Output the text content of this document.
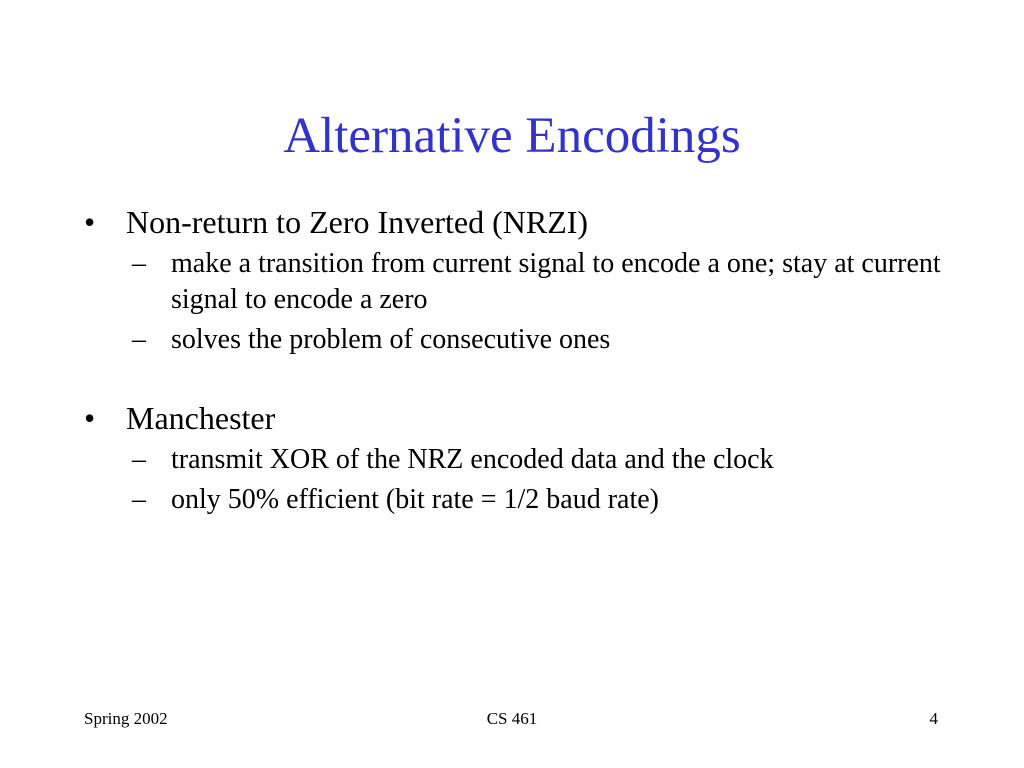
Alternative Encodings
• Non-return to Zero Inverted (NRZI)
– make a transition from current signal to encode a one; stay at current signal to encode a zero
– solves the problem of consecutive ones
• Manchester
– transmit XOR of the NRZ encoded data and the clock
– only 50% efficient (bit rate = 1/2 baud rate)
Spring 2002	CS 461	4
